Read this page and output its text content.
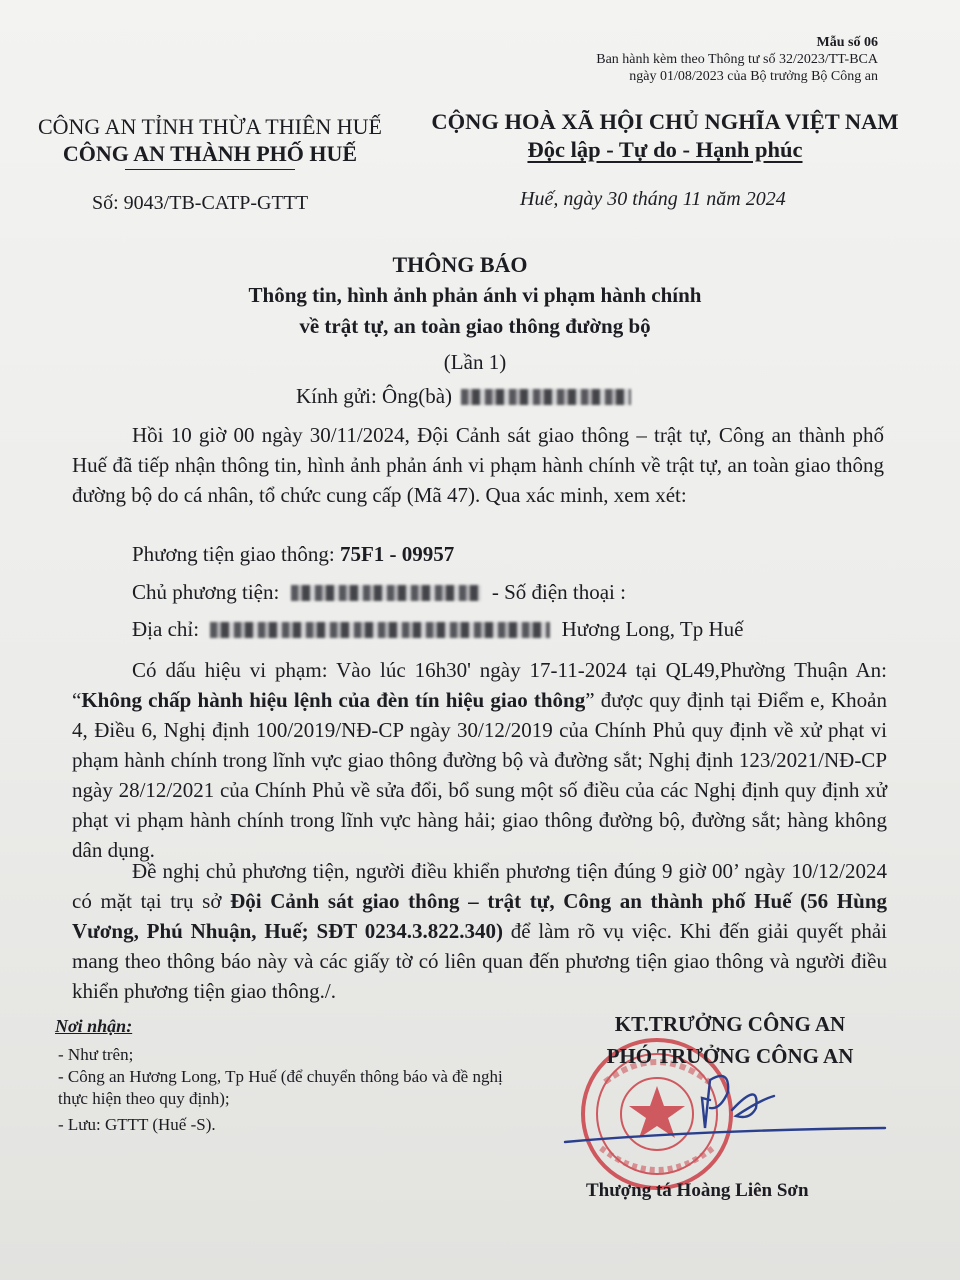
Mẫu số 06
Ban hành kèm theo Thông tư số 32/2023/TT-BCA
ngày 01/08/2023 của Bộ trưởng Bộ Công an
CÔNG AN TỈNH THỪA THIÊN HUẾ
CÔNG AN THÀNH PHỐ HUẾ
CỘNG HOÀ XÃ HỘI CHỦ NGHĨA VIỆT NAM
Độc lập - Tự do - Hạnh phúc
Số: 9043/TB-CATP-GTTT	Huế, ngày 30 tháng 11 năm 2024
THÔNG BÁO
Thông tin, hình ảnh phản ánh vi phạm hành chính
về trật tự, an toàn giao thông đường bộ
(Lần 1)
Kính gửi: Ông(bà)
Hồi 10 giờ 00 ngày 30/11/2024, Đội Cảnh sát giao thông – trật tự, Công an thành phố Huế đã tiếp nhận thông tin, hình ảnh phản ánh vi phạm hành chính về trật tự, an toàn giao thông đường bộ do cá nhân, tổ chức cung cấp (Mã 47). Qua xác minh, xem xét:
Phương tiện giao thông: 75F1 - 09957
Chủ phương tiện:	- Số điện thoại :
Địa chỉ:	Hương Long, Tp Huế
Có dấu hiệu vi phạm: Vào lúc 16h30' ngày 17-11-2024 tại QL49,Phường Thuận An: “Không chấp hành hiệu lệnh của đèn tín hiệu giao thông” được quy định tại Điểm e, Khoản 4, Điều 6, Nghị định 100/2019/NĐ-CP ngày 30/12/2019 của Chính Phủ quy định về xử phạt vi phạm hành chính trong lĩnh vực giao thông đường bộ và đường sắt; Nghị định 123/2021/NĐ-CP ngày 28/12/2021 của Chính Phủ về sửa đổi, bổ sung một số điều của các Nghị định quy định xử phạt vi phạm hành chính trong lĩnh vực hàng hải; giao thông đường bộ, đường sắt; hàng không dân dụng.
Đề nghị chủ phương tiện, người điều khiển phương tiện đúng 9 giờ 00’ ngày 10/12/2024 có mặt tại trụ sở Đội Cảnh sát giao thông – trật tự, Công an thành phố Huế (56 Hùng Vương, Phú Nhuận, Huế; SĐT 0234.3.822.340) để làm rõ vụ việc. Khi đến giải quyết phải mang theo thông báo này và các giấy tờ có liên quan đến phương tiện giao thông và người điều khiển phương tiện giao thông./.
Nơi nhận:
- Như trên;
- Công an Hương Long, Tp Huế (để chuyển thông báo và đề nghị thực hiện theo quy định);
- Lưu: GTTT (Huế -S).
KT.TRƯỞNG CÔNG AN
PHÓ TRƯỞNG CÔNG AN
Thượng tá Hoàng Liên Sơn
